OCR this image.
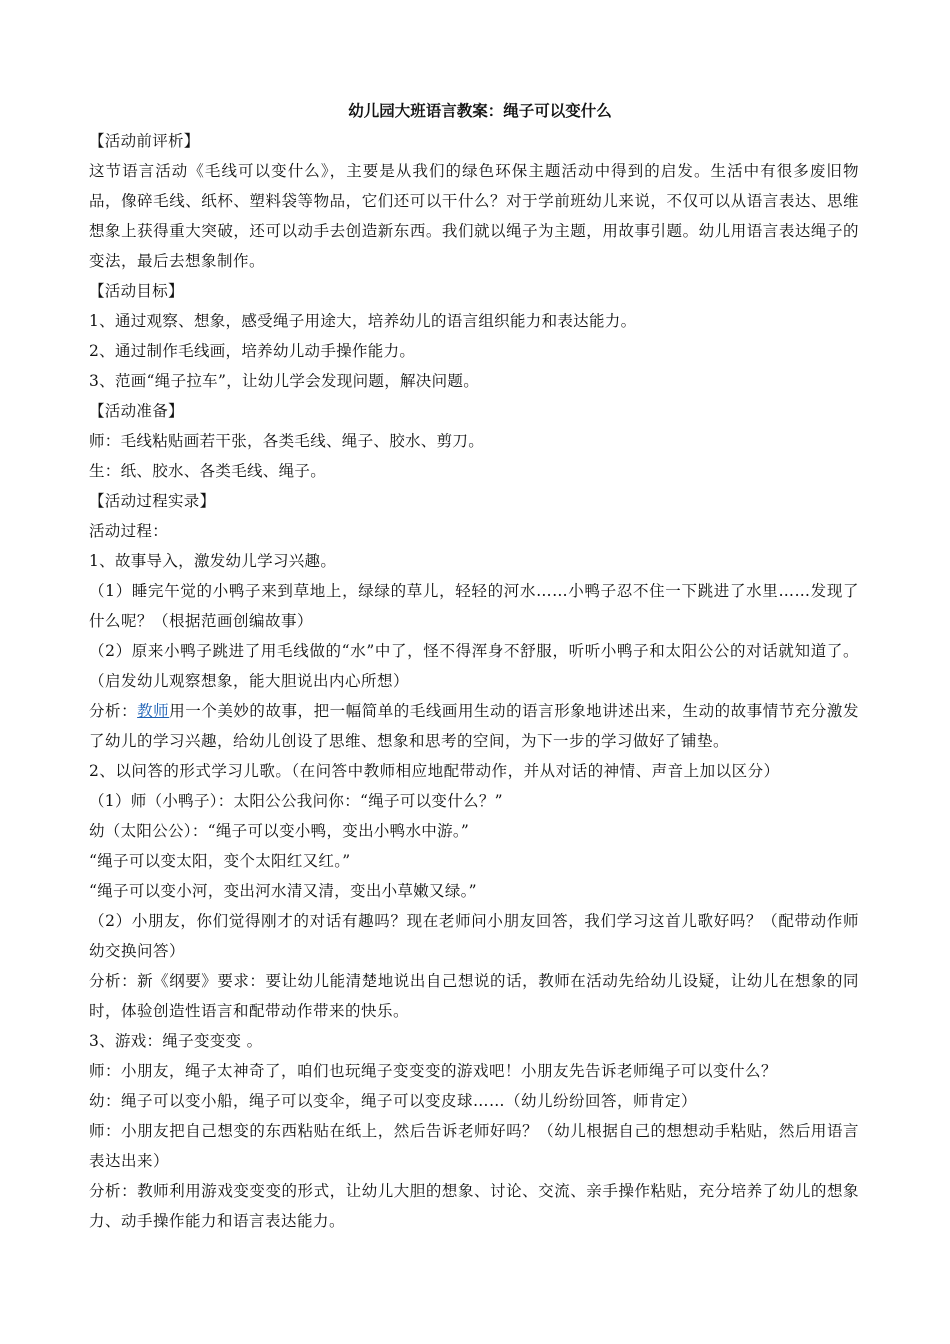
幼儿园大班语言教案：绳子可以变什么

【活动前评析】

这节语言活动《毛线可以变什么》，主要是从我们的绿色环保主题活动中得到的启发。生活中有很多废旧物品，像碎毛线、纸杯、塑料袋等物品，它们还可以干什么？对于学前班幼儿来说，不仅可以从语言表达、思维想象上获得重大突破，还可以动手去创造新东西。我们就以绳子为主题，用故事引题。幼儿用语言表达绳子的变法，最后去想象制作。

【活动目标】

1、通过观察、想象，感受绳子用途大，培养幼儿的语言组织能力和表达能力。

2、通过制作毛线画，培养幼儿动手操作能力。

3、范画“绳子拉车”，让幼儿学会发现问题，解决问题。

【活动准备】

师：毛线粘贴画若干张，各类毛线、绳子、胶水、剪刀。

生：纸、胶水、各类毛线、绳子。

【活动过程实录】

活动过程：

1、故事导入，激发幼儿学习兴趣。

（1）睡完午觉的小鸭子来到草地上，绿绿的草儿，轻轻的河水……小鸭子忍不住一下跳进了水里……发现了什么呢？（根据范画创编故事）

（2）原来小鸭子跳进了用毛线做的“水”中了，怪不得浑身不舒服，听听小鸭子和太阳公公的对话就知道了。（启发幼儿观察想象，能大胆说出内心所想）

分析：教师用一个美妙的故事，把一幅简单的毛线画用生动的语言形象地讲述出来，生动的故事情节充分激发了幼儿的学习兴趣，给幼儿创设了思维、想象和思考的空间，为下一步的学习做好了铺垫。

2、以问答的形式学习儿歌。（在问答中教师相应地配带动作，并从对话的神情、声音上加以区分）

（1）师（小鸭子）：太阳公公我问你：“绳子可以变什么？”

幼（太阳公公）：“绳子可以变小鸭，变出小鸭水中游。”

“绳子可以变太阳，变个太阳红又红。”

“绳子可以变小河，变出河水清又清，变出小草嫩又绿。”

（2）小朋友，你们觉得刚才的对话有趣吗？现在老师问小朋友回答，我们学习这首儿歌好吗？（配带动作师幼交换问答）

分析：新《纲要》要求：要让幼儿能清楚地说出自己想说的话，教师在活动先给幼儿设疑，让幼儿在想象的同时，体验创造性语言和配带动作带来的快乐。

3、游戏：绳子变变变 。

师：小朋友，绳子太神奇了，咱们也玩绳子变变变的游戏吧！小朋友先告诉老师绳子可以变什么？

幼：绳子可以变小船，绳子可以变伞，绳子可以变皮球……（幼儿纷纷回答，师肯定）

师：小朋友把自己想变的东西粘贴在纸上，然后告诉老师好吗？（幼儿根据自己的想想动手粘贴，然后用语言表达出来）

分析：教师利用游戏变变变的形式，让幼儿大胆的想象、讨论、交流、亲手操作粘贴，充分培养了幼儿的想象力、动手操作能力和语言表达能力。
